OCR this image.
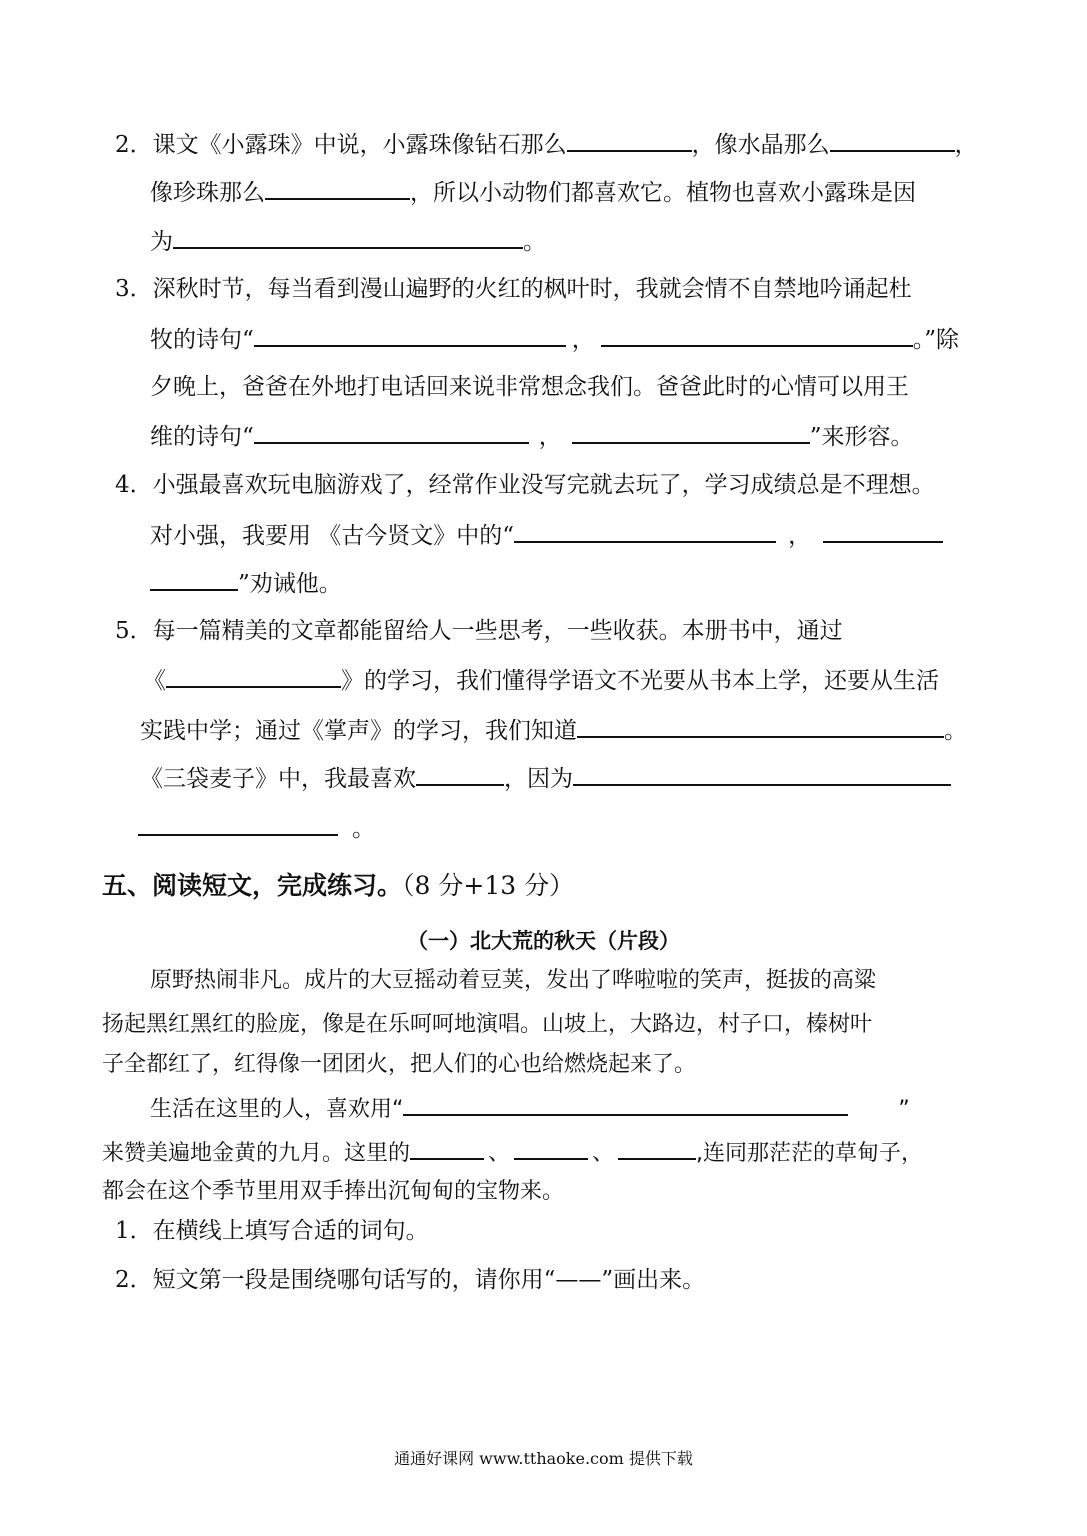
2．课文《小露珠》中说，小露珠像钻石那么	，像水晶那么	，
像珍珠那么	，所以小动物们都喜欢它。植物也喜欢小露珠是因
为	。
3．深秋时节，每当看到漫山遍野的火红的枫叶时，我就会情不自禁地吟诵起杜
牧的诗句“	，	。”除
夕晚上，爸爸在外地打电话回来说非常想念我们。爸爸此时的心情可以用王
维的诗句“	，	”来形容。
4．小强最喜欢玩电脑游戏了，经常作业没写完就去玩了，学习成绩总是不理想。
对小强，我要用 《古今贤文》中的“	，
”劝诫他。
5．每一篇精美的文章都能留给人一些思考，一些收获。本册书中，通过
《	》的学习，我们懂得学语文不光要从书本上学，还要从生活
实践中学；通过《掌声》的学习，我们知道	。
《三袋麦子》中，我最喜欢	，因为
。
五、阅读短文，完成练习。（8 分+13 分）
（一）北大荒的秋天（片段）
原野热闹非凡。成片的大豆摇动着豆荚，发出了哗啦啦的笑声，挺拔的高粱
扬起黑红黑红的脸庞，像是在乐呵呵地演唱。山坡上，大路边，村子口，榛树叶
子全都红了，红得像一团团火，把人们的心也给燃烧起来了。
生活在这里的人，喜欢用“	”
来赞美遍地金黄的九月。这里的	、	、	,连同那茫茫的草甸子，
都会在这个季节里用双手捧出沉甸甸的宝物来。
1．在横线上填写合适的词句。
2．短文第一段是围绕哪句话写的，请你用“——”画出来。
通通好课网 www.tthaoke.com 提供下载
